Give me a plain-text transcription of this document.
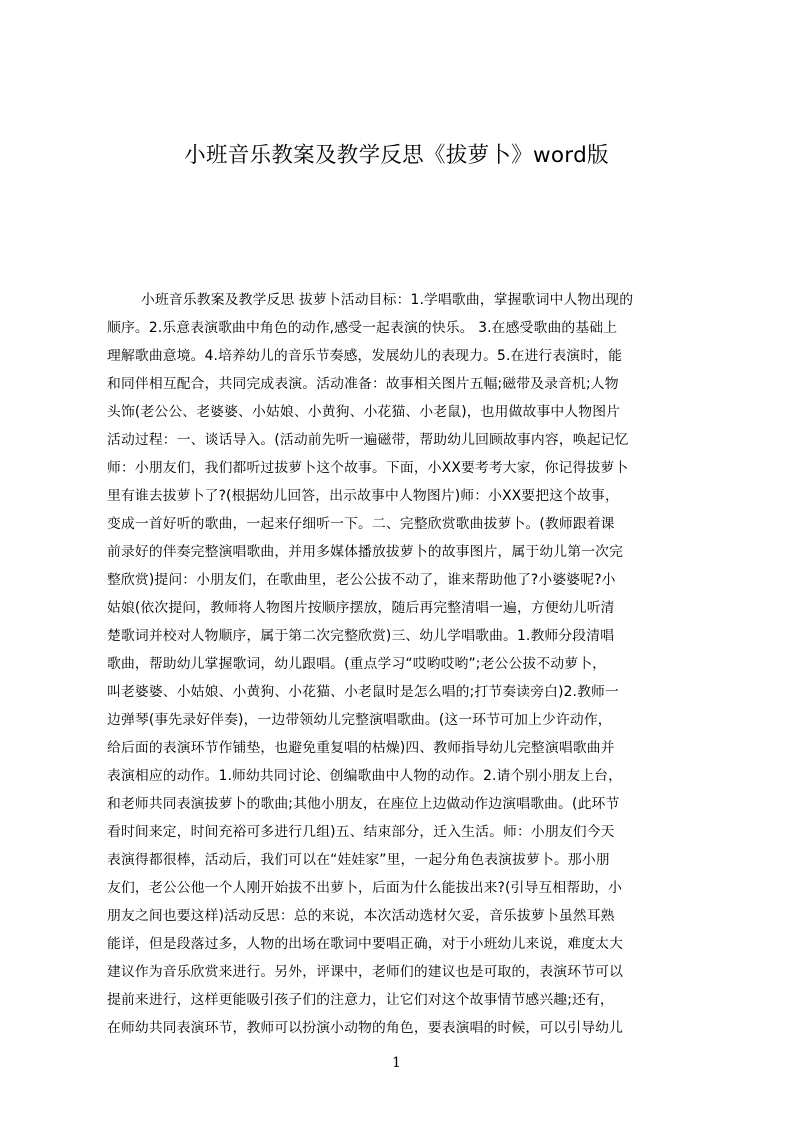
小班音乐教案及教学反思《拔萝卜》word版
小班音乐教案及教学反思 拔萝卜活动目标：1.学唱歌曲，掌握歌词中人物出现的
顺序。2.乐意表演歌曲中角色的动作,感受一起表演的快乐。 3.在感受歌曲的基础上
理解歌曲意境。4.培养幼儿的音乐节奏感，发展幼儿的表现力。5.在进行表演时，能
和同伴相互配合，共同完成表演。活动准备：故事相关图片五幅;磁带及录音机;人物
头饰(老公公、老婆婆、小姑娘、小黄狗、小花猫、小老鼠)，也用做故事中人物图片
活动过程：一、谈话导入。(活动前先听一遍磁带，帮助幼儿回顾故事内容，唤起记忆
师：小朋友们，我们都听过拔萝卜这个故事。下面，小XX要考考大家，你记得拔萝卜
里有谁去拔萝卜了?(根据幼儿回答，出示故事中人物图片)师：小XX要把这个故事，
变成一首好听的歌曲，一起来仔细听一下。二、完整欣赏歌曲拔萝卜。(教师跟着课
前录好的伴奏完整演唱歌曲，并用多媒体播放拔萝卜的故事图片，属于幼儿第一次完
整欣赏)提问：小朋友们，在歌曲里，老公公拔不动了，谁来帮助他了?小婆婆呢?小
姑娘(依次提问，教师将人物图片按顺序摆放，随后再完整清唱一遍，方便幼儿听清
楚歌词并校对人物顺序，属于第二次完整欣赏)三、幼儿学唱歌曲。1.教师分段清唱
歌曲，帮助幼儿掌握歌词，幼儿跟唱。(重点学习“哎哟哎哟”;老公公拔不动萝卜，
叫老婆婆、小姑娘、小黄狗、小花猫、小老鼠时是怎么唱的;打节奏读旁白)2.教师一
边弹琴(事先录好伴奏)，一边带领幼儿完整演唱歌曲。(这一环节可加上少许动作，
给后面的表演环节作铺垫，也避免重复唱的枯燥)四、教师指导幼儿完整演唱歌曲并
表演相应的动作。1.师幼共同讨论、创编歌曲中人物的动作。2.请个别小朋友上台，
和老师共同表演拔萝卜的歌曲;其他小朋友，在座位上边做动作边演唱歌曲。(此环节
看时间来定，时间充裕可多进行几组)五、结束部分，迁入生活。师：小朋友们今天
表演得都很棒，活动后，我们可以在“娃娃家”里，一起分角色表演拔萝卜。那小朋
友们，老公公他一个人刚开始拔不出萝卜，后面为什么能拔出来?(引导互相帮助，小
朋友之间也要这样)活动反思：总的来说，本次活动选材欠妥，音乐拔萝卜虽然耳熟
能详，但是段落过多，人物的出场在歌词中要唱正确，对于小班幼儿来说，难度太大
建议作为音乐欣赏来进行。另外，评课中，老师们的建议也是可取的，表演环节可以
提前来进行，这样更能吸引孩子们的注意力，让它们对这个故事情节感兴趣;还有，
在师幼共同表演环节，教师可以扮演小动物的角色，要表演唱的时候，可以引导幼儿
1
